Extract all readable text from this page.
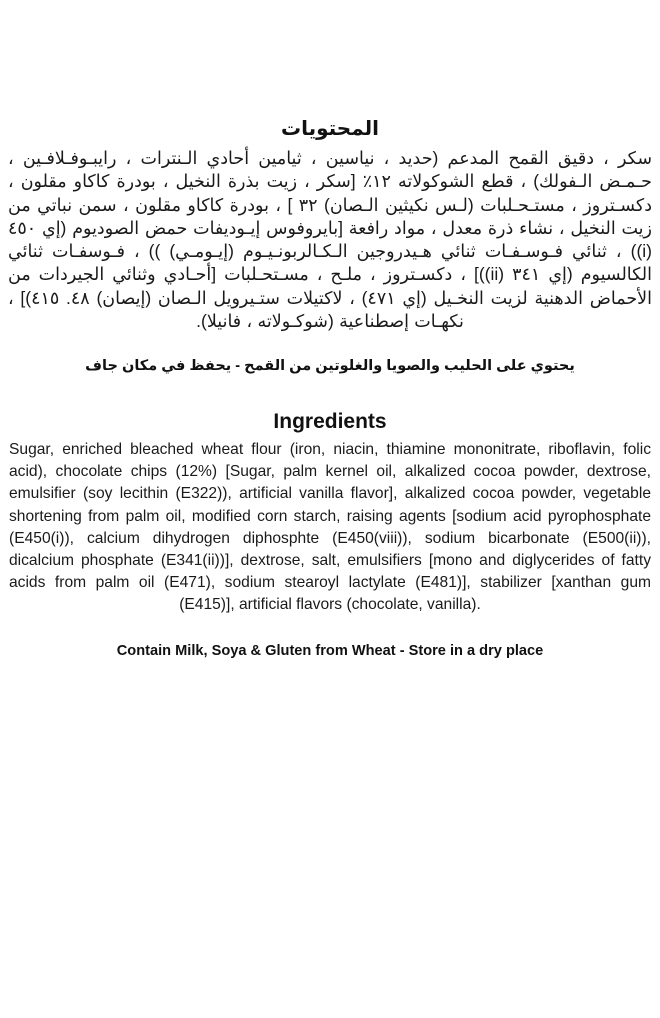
المحتويات

سكر ، دقيق القمح المدعم (حديد ، نياسين ، ثيامين أحادي الـنترات ، رايبـوفـلافـين ، حـمـض الـفولك) ، قطع الشوكولاته ١٢٪ [سكر ، زيت بذرة النخيل ، بودرة كاكاو مقلون ، دكسـتروز ، مستـحـلبات (لـس نكيثين الـصان) ٣٢ ] ، بودرة كاكاو مقلون ، سمن نباتي من زيت النخيل ، نشاء ذرة معدل ، مواد رافعة [بايروفوس إيـوديفات حمض الصوديوم (إي ٤٥٠ (i)) ، ثنائي فـوسـفـات ثنائي هـيدروجين الـكـالربونـيـوم (إيـومـي) )) ، فـوسفـات ثنائي الكالسيوم (إي ٣٤١ (ii))] ، دكسـتروز ، ملـح ، مسـتحـلبات [أحـادي وثنائي الجيردات من الأحماض الدهنية لزيت النخـيل (إي ٤٧١) ، لاكتيلات ستـيرويل الـصان (إيصان) ٤٨. ٤١٥)] ، نكهـات إصطناعية (شوكـولاته ، فانيلا).

يحتوي على الحليب والصويا والغلوتين من القمح - يحفظ في مكان جاف

Ingredients

Sugar, enriched bleached wheat flour (iron, niacin, thiamine mononitrate, riboflavin, folic acid), chocolate chips (12%) [Sugar, palm kernel oil, alkalized cocoa powder, dextrose, emulsifier (soy lecithin (E322)), artificial vanilla flavor], alkalized cocoa powder, vegetable shortening from palm oil, modified corn starch, raising agents [sodium acid pyrophosphate (E450(i)), calcium dihydrogen diphosphte (E450(viii)), sodium bicarbonate (E500(ii)), dicalcium phosphate (E341(ii))], dextrose, salt, emulsifiers [mono and diglycerides of fatty acids from palm oil (E471), sodium stearoyl lactylate (E481)], stabilizer [xanthan gum (E415)], artificial flavors (chocolate, vanilla).

Contain Milk, Soya & Gluten from Wheat - Store in a dry place
